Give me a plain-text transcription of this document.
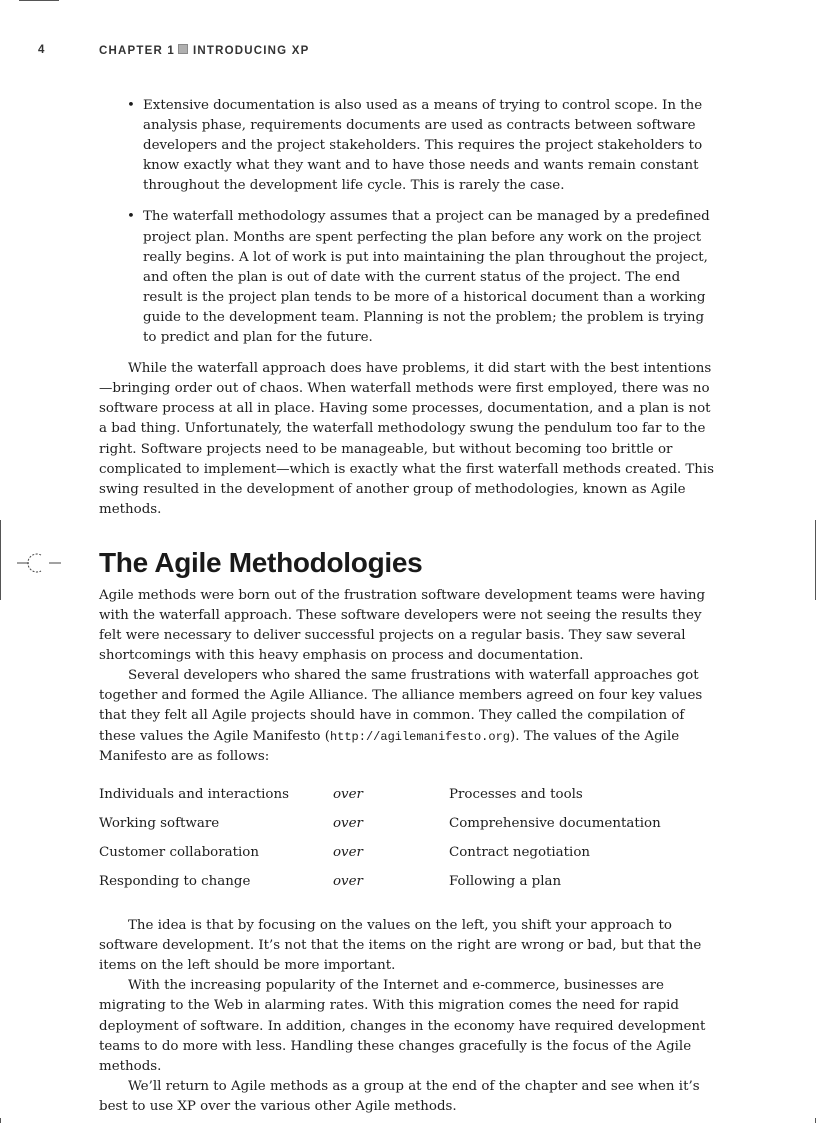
4	CHAPTER 1 INTRODUCING XP
• Extensive documentation is also used as a means of trying to control scope. In the analysis phase, requirements documents are used as contracts between software developers and the project stakeholders. This requires the project stakeholders to know exactly what they want and to have those needs and wants remain constant throughout the development life cycle. This is rarely the case.
• The waterfall methodology assumes that a project can be managed by a predefined project plan. Months are spent perfecting the plan before any work on the project really begins. A lot of work is put into maintaining the plan throughout the project, and often the plan is out of date with the current status of the project. The end result is the project plan tends to be more of a historical document than a working guide to the development team. Planning is not the problem; the problem is trying to predict and plan for the future.

While the waterfall approach does have problems, it did start with the best intentions—bringing order out of chaos. When waterfall methods were first employed, there was no software process at all in place. Having some processes, documentation, and a plan is not a bad thing. Unfortunately, the waterfall methodology swung the pendulum too far to the right. Software projects need to be manageable, but without becoming too brittle or complicated to implement—which is exactly what the first waterfall methods created. This swing resulted in the development of another group of methodologies, known as Agile methods.

The Agile Methodologies

Agile methods were born out of the frustration software development teams were having with the waterfall approach. These software developers were not seeing the results they felt were necessary to deliver successful projects on a regular basis. They saw several shortcomings with this heavy emphasis on process and documentation.

Several developers who shared the same frustrations with waterfall approaches got together and formed the Agile Alliance. The alliance members agreed on four key values that they felt all Agile projects should have in common. They called the compilation of these values the Agile Manifesto (http://agilemanifesto.org). The values of the Agile Manifesto are as follows:

Individuals and interactions	over	Processes and tools
Working software	over	Comprehensive documentation
Customer collaboration	over	Contract negotiation
Responding to change	over	Following a plan

The idea is that by focusing on the values on the left, you shift your approach to software development. It’s not that the items on the right are wrong or bad, but that the items on the left should be more important.

With the increasing popularity of the Internet and e-commerce, businesses are migrating to the Web in alarming rates. With this migration comes the need for rapid deployment of software. In addition, changes in the economy have required development teams to do more with less. Handling these changes gracefully is the focus of the Agile methods.

We’ll return to Agile methods as a group at the end of the chapter and see when it’s best to use XP over the various other Agile methods.
